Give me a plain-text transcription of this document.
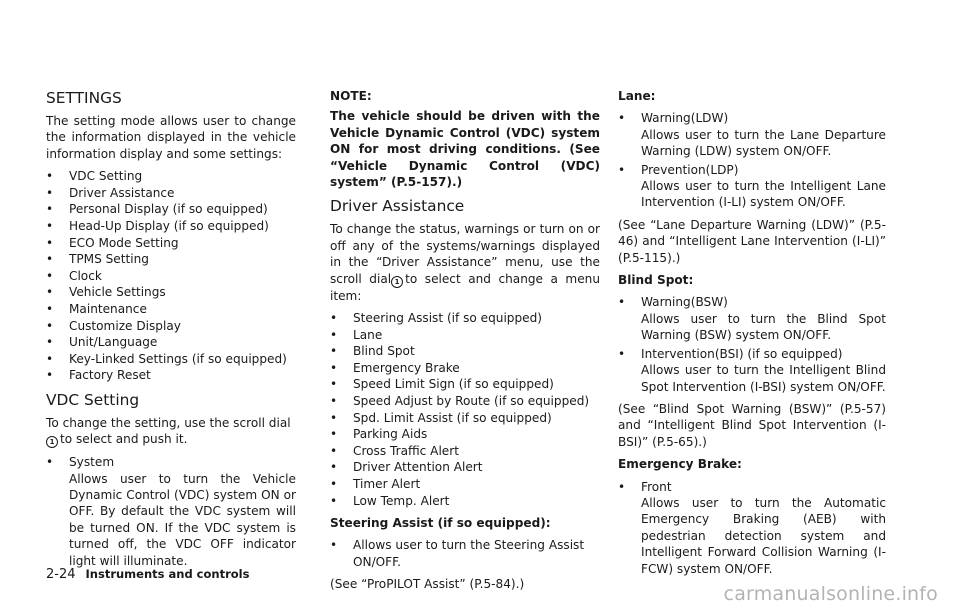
SETTINGS

The setting mode allows user to change the information displayed in the vehicle information display and some settings:

• VDC Setting
• Driver Assistance
• Personal Display (if so equipped)
• Head-Up Display (if so equipped)
• ECO Mode Setting
• TPMS Setting
• Clock
• Vehicle Settings
• Maintenance
• Customize Display
• Unit/Language
• Key-Linked Settings (if so equipped)
• Factory Reset
VDC Setting

To change the setting, use the scroll dial
1 to select and push it.

• System

Allows user to turn the Vehicle Dynamic Control (VDC) system ON or OFF. By default the VDC system will be turned ON. If the VDC system is turned off, the VDC OFF indicator light will illuminate.

NOTE:

The vehicle should be driven with the Vehicle Dynamic Control (VDC) system ON for most driving conditions. (See “Vehicle Dynamic Control (VDC) system” (P.5-157).)

Driver Assistance

To change the status, warnings or turn on or off any of the systems/warnings displayed in the “Driver Assistance” menu, use the scroll dial 1 to select and change a menu item:

• Steering Assist (if so equipped)
• Lane
• Blind Spot
• Emergency Brake
• Speed Limit Sign (if so equipped)
• Speed Adjust by Route (if so equipped)
• Spd. Limit Assist (if so equipped)
• Parking Aids
• Cross Traffic Alert
• Driver Attention Alert
• Timer Alert
• Low Temp. Alert

Steering Assist (if so equipped):

• Allows user to turn the Steering Assist ON/OFF.

(See “ProPILOT Assist” (P.5-84).)

Lane:

• Warning(LDW)

Allows user to turn the Lane Departure Warning (LDW) system ON/OFF.

• Prevention(LDP)

Allows user to turn the Intelligent Lane Intervention (I-LI) system ON/OFF.

(See “Lane Departure Warning (LDW)” (P.5-46) and “Intelligent Lane Intervention (I-LI)” (P.5-115).)

Blind Spot:

• Warning(BSW)

Allows user to turn the Blind Spot Warning (BSW) system ON/OFF.

• Intervention(BSI) (if so equipped)

Allows user to turn the Intelligent Blind Spot Intervention (I-BSI) system ON/OFF.

(See “Blind Spot Warning (BSW)” (P.5-57) and “Intelligent Blind Spot Intervention (I-BSI)” (P.5-65).)

Emergency Brake:

• Front

Allows user to turn the Automatic Emergency Braking (AEB) with pedestrian detection system and Intelligent Forward Collision Warning (I-FCW) system ON/OFF.

2-24 Instruments and controls
carmanualsonline.info
